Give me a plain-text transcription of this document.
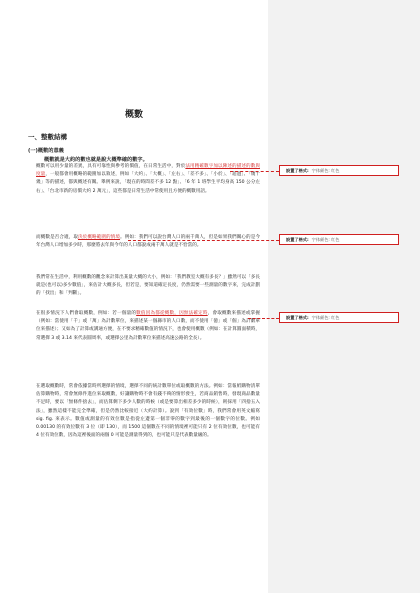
概數
一、整數結構
(一)概數的意義
概數就是大約的數也就是說大概準確的數字。
概數可以用少量的差異，具有可靠性與參考的價值，在日常生活中，對於法用精確數字加以陳述的描述的數與度量，一般都會用概略的範圍加以敘述，例如「大約」、「大概」、「左右」、「差不多」、「小於」、「超過」、「幾十幾」等的描述，都與概述有關。舉例來說，「現在的時間差不多 12 點」、「6 年 1 班學生平均身高 150 公分左右」、「台北市新的房價大約 2 萬元」，這些都是日常生活中常使用且方便的概數用語。
而概數是否合適，取決於概略範圍的情境。例如：我們可以說台灣人口的兩千萬人，但是如果我們關心的是今年台灣人口增加多少時，那麼將去年與今年的人口都說成兩千萬人就是不恰當的。
我們常在生活中，利用概數的觀念來計算出某量大概的大小，例如：「我們教室大概有多長？」雖然可以「多長就是(也可以)多少數值」，來估計大概多長，但若是，要知道確定長度，仍然需要一些測量的數字來，完成計劃的「找出」和「判斷」。
在很多情況下人們會取概數，例如：若一個量的數值因為都從概數，因無法確定時，會取概數來描述或掌握（例如：當使用「千」或「萬」為計數單位，來描述某一個縣市的人口數，而不使用「億」或「個」為計數單位來描述）；又如為了計算或溝通方便，在不要求精確數值的情況下，也會使用概數（例如：在計算圓面積時，常選擇 3 或 3.14 來代表圓周率，或選擇公里為計數單位來描述高速公路的全長）。
在選取概數時，常會依據當時所選擇的情境，選擇不同的統計數單位或取概數的方法。例如：當報紙購物清單估算購物時，常會無條件進位來取概數，好讓購物時不會有錢不夠的情形發生，若商品銷售時，發現商品數量不足時，要以「無條件捨去」，而估算剩下多少人數的時候（或是要算出相差多少的時候），則採用「四捨五入法」，雖然這樣不能完全準確，但是仍然比較接近（大約計算）。說到「有效位數」時，我們常會用英文縮寫 sig. fig. 來表示。數值或測量的有效位數是指從左邊第一個非零的數字到最後的一個數字的位數。例如 0.00130 的有效位數有 3 位（即 130），而 1500 這個數在不同的情境裡可能只有 2 位有效位數，也可能有 4 位有效位數，因為這裡後面的兩個 0 可能是測量得到的，也可能只是代表數量級的。
設置了格式: 字体颜色: 红色
設置了格式: 字体颜色: 红色
設置了格式: 字体颜色: 红色
